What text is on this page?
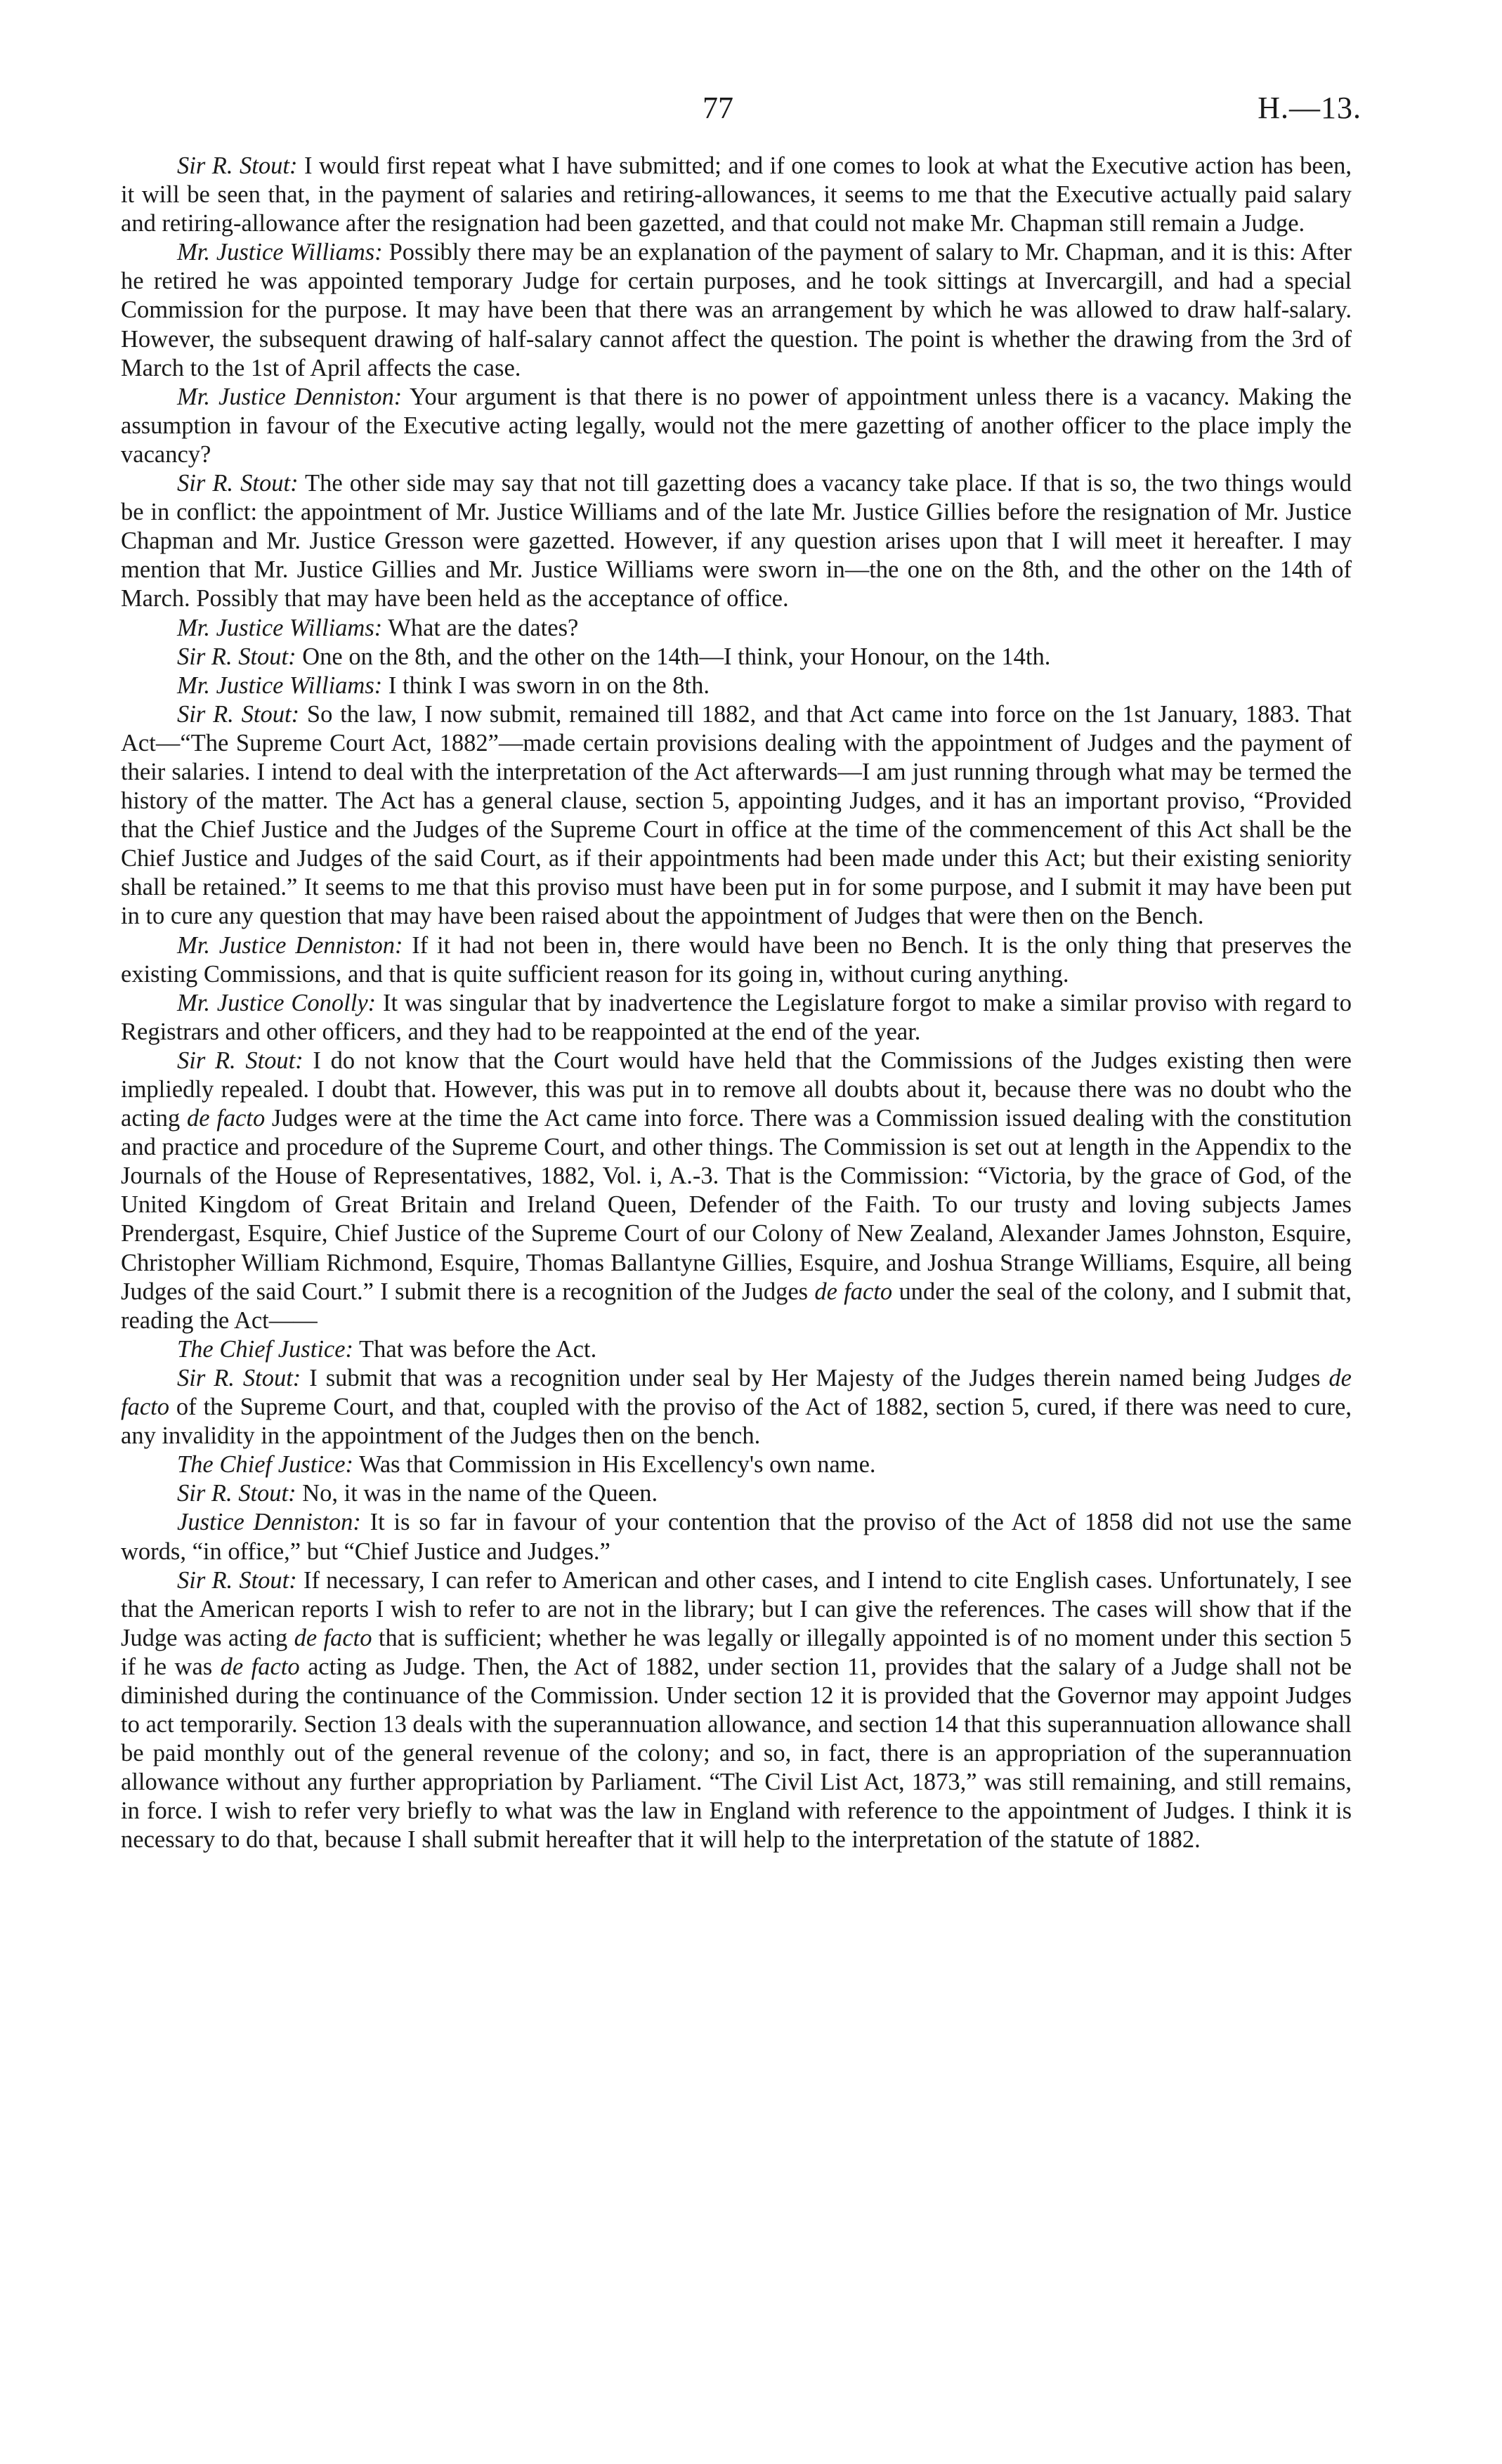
77	H.—13.

Sir R. Stout: I would first repeat what I have submitted; and if one comes to look at what the Executive action has been, it will be seen that, in the payment of salaries and retiring-allowances, it seems to me that the Executive actually paid salary and retiring-allowance after the resignation had been gazetted, and that could not make Mr. Chapman still remain a Judge.

Mr. Justice Williams: Possibly there may be an explanation of the payment of salary to Mr. Chapman, and it is this: After he retired he was appointed temporary Judge for certain purposes, and he took sittings at Invercargill, and had a special Commission for the purpose. It may have been that there was an arrangement by which he was allowed to draw half-salary. However, the subsequent drawing of half-salary cannot affect the question. The point is whether the drawing from the 3rd of March to the 1st of April affects the case.

Mr. Justice Denniston: Your argument is that there is no power of appointment unless there is a vacancy. Making the assumption in favour of the Executive acting legally, would not the mere gazetting of another officer to the place imply the vacancy?

Sir R. Stout: The other side may say that not till gazetting does a vacancy take place. If that is so, the two things would be in conflict: the appointment of Mr. Justice Williams and of the late Mr. Justice Gillies before the resignation of Mr. Justice Chapman and Mr. Justice Gresson were gazetted. However, if any question arises upon that I will meet it hereafter. I may mention that Mr. Justice Gillies and Mr. Justice Williams were sworn in—the one on the 8th, and the other on the 14th of March. Possibly that may have been held as the acceptance of office.

Mr. Justice Williams: What are the dates?

Sir R. Stout: One on the 8th, and the other on the 14th—I think, your Honour, on the 14th.

Mr. Justice Williams: I think I was sworn in on the 8th.

Sir R. Stout: So the law, I now submit, remained till 1882, and that Act came into force on the 1st January, 1883. That Act—“The Supreme Court Act, 1882”—made certain provisions dealing with the appointment of Judges and the payment of their salaries. I intend to deal with the interpretation of the Act afterwards—I am just running through what may be termed the history of the matter. The Act has a general clause, section 5, appointing Judges, and it has an important proviso, “Provided that the Chief Justice and the Judges of the Supreme Court in office at the time of the commencement of this Act shall be the Chief Justice and Judges of the said Court, as if their appointments had been made under this Act; but their existing seniority shall be retained.” It seems to me that this proviso must have been put in for some purpose, and I submit it may have been put in to cure any question that may have been raised about the appointment of Judges that were then on the Bench.

Mr. Justice Denniston: If it had not been in, there would have been no Bench. It is the only thing that preserves the existing Commissions, and that is quite sufficient reason for its going in, without curing anything.

Mr. Justice Conolly: It was singular that by inadvertence the Legislature forgot to make a similar proviso with regard to Registrars and other officers, and they had to be reappointed at the end of the year.

Sir R. Stout: I do not know that the Court would have held that the Commissions of the Judges existing then were impliedly repealed. I doubt that. However, this was put in to remove all doubts about it, because there was no doubt who the acting de facto Judges were at the time the Act came into force. There was a Commission issued dealing with the constitution and practice and procedure of the Supreme Court, and other things. The Commission is set out at length in the Appendix to the Journals of the House of Representatives, 1882, Vol. i, A.-3. That is the Commission: “Victoria, by the grace of God, of the United Kingdom of Great Britain and Ireland Queen, Defender of the Faith. To our trusty and loving subjects James Prendergast, Esquire, Chief Justice of the Supreme Court of our Colony of New Zealand, Alexander James Johnston, Esquire, Christopher William Richmond, Esquire, Thomas Ballantyne Gillies, Esquire, and Joshua Strange Williams, Esquire, all being Judges of the said Court.” I submit there is a recognition of the Judges de facto under the seal of the colony, and I submit that, reading the Act——

The Chief Justice: That was before the Act.

Sir R. Stout: I submit that was a recognition under seal by Her Majesty of the Judges therein named being Judges de facto of the Supreme Court, and that, coupled with the proviso of the Act of 1882, section 5, cured, if there was need to cure, any invalidity in the appointment of the Judges then on the bench.

The Chief Justice: Was that Commission in His Excellency's own name.

Sir R. Stout: No, it was in the name of the Queen.

Justice Denniston: It is so far in favour of your contention that the proviso of the Act of 1858 did not use the same words, “in office,” but “Chief Justice and Judges.”

Sir R. Stout: If necessary, I can refer to American and other cases, and I intend to cite English cases. Unfortunately, I see that the American reports I wish to refer to are not in the library; but I can give the references. The cases will show that if the Judge was acting de facto that is sufficient; whether he was legally or illegally appointed is of no moment under this section 5 if he was de facto acting as Judge. Then, the Act of 1882, under section 11, provides that the salary of a Judge shall not be diminished during the continuance of the Commission. Under section 12 it is provided that the Governor may appoint Judges to act temporarily. Section 13 deals with the superannuation allowance, and section 14 that this superannuation allowance shall be paid monthly out of the general revenue of the colony; and so, in fact, there is an appropriation of the superannuation allowance without any further appropriation by Parliament. “The Civil List Act, 1873,” was still remaining, and still remains, in force. I wish to refer very briefly to what was the law in England with reference to the appointment of Judges. I think it is necessary to do that, because I shall submit hereafter that it will help to the interpretation of the statute of 1882.
